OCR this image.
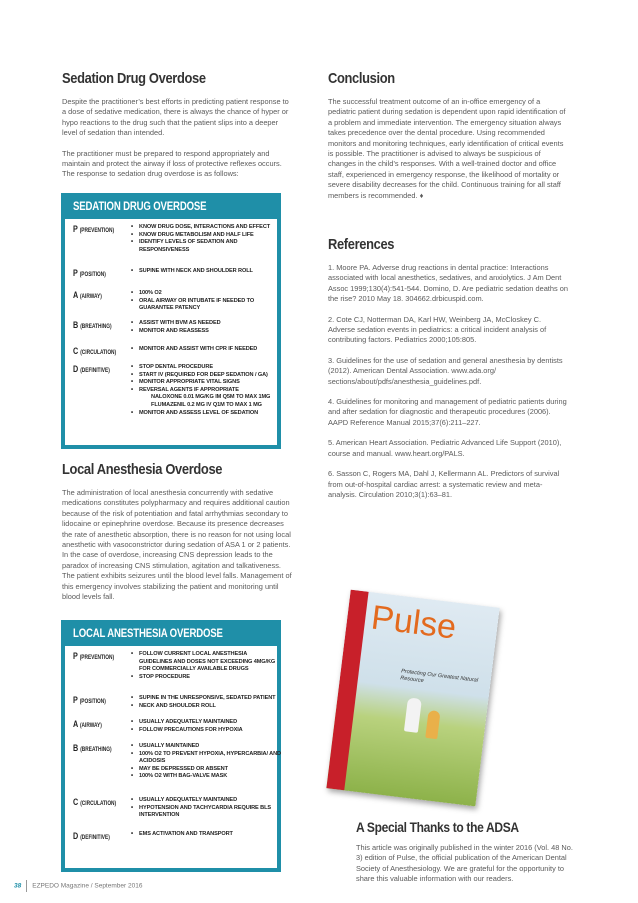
Sedation Drug Overdose

Despite the practitioner’s best efforts in predicting patient response to a dose of sedative medication, there is always the chance of hyper or hypo reactions to the drug such that the patient slips into a deeper level of sedation than intended.

The practitioner must be prepared to respond appropriately and maintain and protect the airway if loss of protective reflexes occurs. The response to sedation drug overdose is as follows:

SEDATION DRUG OVERDOSE
P (PREVENTION)
• KNOW DRUG DOSE, INTERACTIONS AND EFFECT
• KNOW DRUG METABOLISM AND HALF LIFE
• IDENTIFY LEVELS OF SEDATION AND RESPONSIVENESS
P (POSITION)
• SUPINE WITH NECK AND SHOULDER ROLL
A (AIRWAY)
• 100% O2
• ORAL AIRWAY OR INTUBATE IF NEEDED TO GUARANTEE PATENCY
B (BREATHING)
• ASSIST WITH BVM AS NEEDED
• MONITOR AND REASSESS
C (CIRCULATION)
• MONITOR AND ASSIST WITH CPR IF NEEDED
D (DEFINITIVE)
• STOP DENTAL PROCEDURE
• START IV (REQUIRED FOR DEEP SEDATION / GA)
• MONITOR APPROPRIATE VITAL SIGNS
• REVERSAL AGENTS IF APPROPRIATE
NALOXONE 0.01 MG/KG IM Q5M TO MAX 1MG
FLUMAZENIL 0.2 MG IV Q1M TO MAX 1 MG
• MONITOR AND ASSESS LEVEL OF SEDATION
Local Anesthesia Overdose

The administration of local anesthesia concurrently with sedative medications constitutes polypharmacy and requires additional caution because of the risk of potentiation and fatal arrhythmias secondary to lidocaine or epinephrine overdose. Because its presence decreases the rate of anesthetic absorption, there is no reason for not using local anesthetic with vasoconstrictor during sedation of ASA 1 or 2 patients. In the case of overdose, increasing CNS depression leads to the paradox of increasing CNS stimulation, agitation and talkativeness. The patient exhibits seizures until the blood level falls. Management of this emergency involves stabilizing the patient and monitoring until blood levels fall.

LOCAL ANESTHESIA OVERDOSE
P (PREVENTION)
• FOLLOW CURRENT LOCAL ANESTHESIA GUIDELINES AND DOSES NOT EXCEEDING 4MG/KG FOR COMMERCIALLY AVAILABLE DRUGS
• STOP PROCEDURE
P (POSITION)
• SUPINE IN THE UNRESPONSIVE, SEDATED PATIENT
• NECK AND SHOULDER ROLL
A (AIRWAY)
• USUALLY ADEQUATELY MAINTAINED
• FOLLOW PRECAUTIONS FOR HYPOXIA
B (BREATHING)
• USUALLY MAINTAINED
• 100% O2 TO PREVENT HYPOXIA, HYPERCARBIA/ AND ACIDOSIS
• MAY BE DEPRESSED OR ABSENT
• 100% O2 WITH BAG-VALVE MASK
C (CIRCULATION)
• USUALLY ADEQUATELY MAINTAINED
• HYPOTENSION AND TACHYCARDIA REQUIRE BLS INTERVENTION
D (DEFINITIVE)
• EMS ACTIVATION AND TRANSPORT
Conclusion

The successful treatment outcome of an in-office emergency of a pediatric patient during sedation is dependent upon rapid identification of a problem and immediate intervention. The emergency situation always takes precedence over the dental procedure. Using recommended monitors and monitoring techniques, early identification of critical events is possible. The practitioner is advised to always be suspicious of changes in the child’s responses. With a well-trained doctor and office staff, experienced in emergency response, the likelihood of mortality or severe disability decreases for the child. Continuous training for all staff members is recommended. ♦

References

1. Moore PA. Adverse drug reactions in dental practice: Interactions associated with local anesthetics, sedatives, and anxiolytics. J Am Dent Assoc 1999;130(4):541-544. Domino, D. Are pediatric sedation deaths on the rise? 2010 May 18. 304662.drbicuspid.com.

2. Cote CJ, Notterman DA, Karl HW, Weinberg JA, McCloskey C. Adverse sedation events in pediatrics: a critical incident analysis of contributing factors. Pediatrics 2000;105:805.

3. Guidelines for the use of sedation and general anesthesia by dentists (2012). American Dental Association. www.ada.org/ sections/about/pdfs/anesthesia_guidelines.pdf.

4. Guidelines for monitoring and management of pediatric patients during and after sedation for diagnostic and therapeutic procedures (2006). AAPD Reference Manual 2015;37(6):211–227.

5. American Heart Association. Pediatric Advanced Life Support (2010), course and manual. www.heart.org/PALS.

6. Sasson C, Rogers MA, Dahl J, Kellermann AL. Predictors of survival from out-of-hospital cardiac arrest: a systematic review and meta-analysis. Circulation 2010;3(1):63–81.

Pulse
Protecting Our Greatest Natural Resource
A Special Thanks to the ADSA

This article was originally published in the winter 2016 (Vol. 48 No. 3) edition of Pulse, the official publication of the American Dental Society of Anesthesiology. We are grateful for the opportunity to share this valuable information with our readers.

38 EZPEDO Magazine / September 2016
